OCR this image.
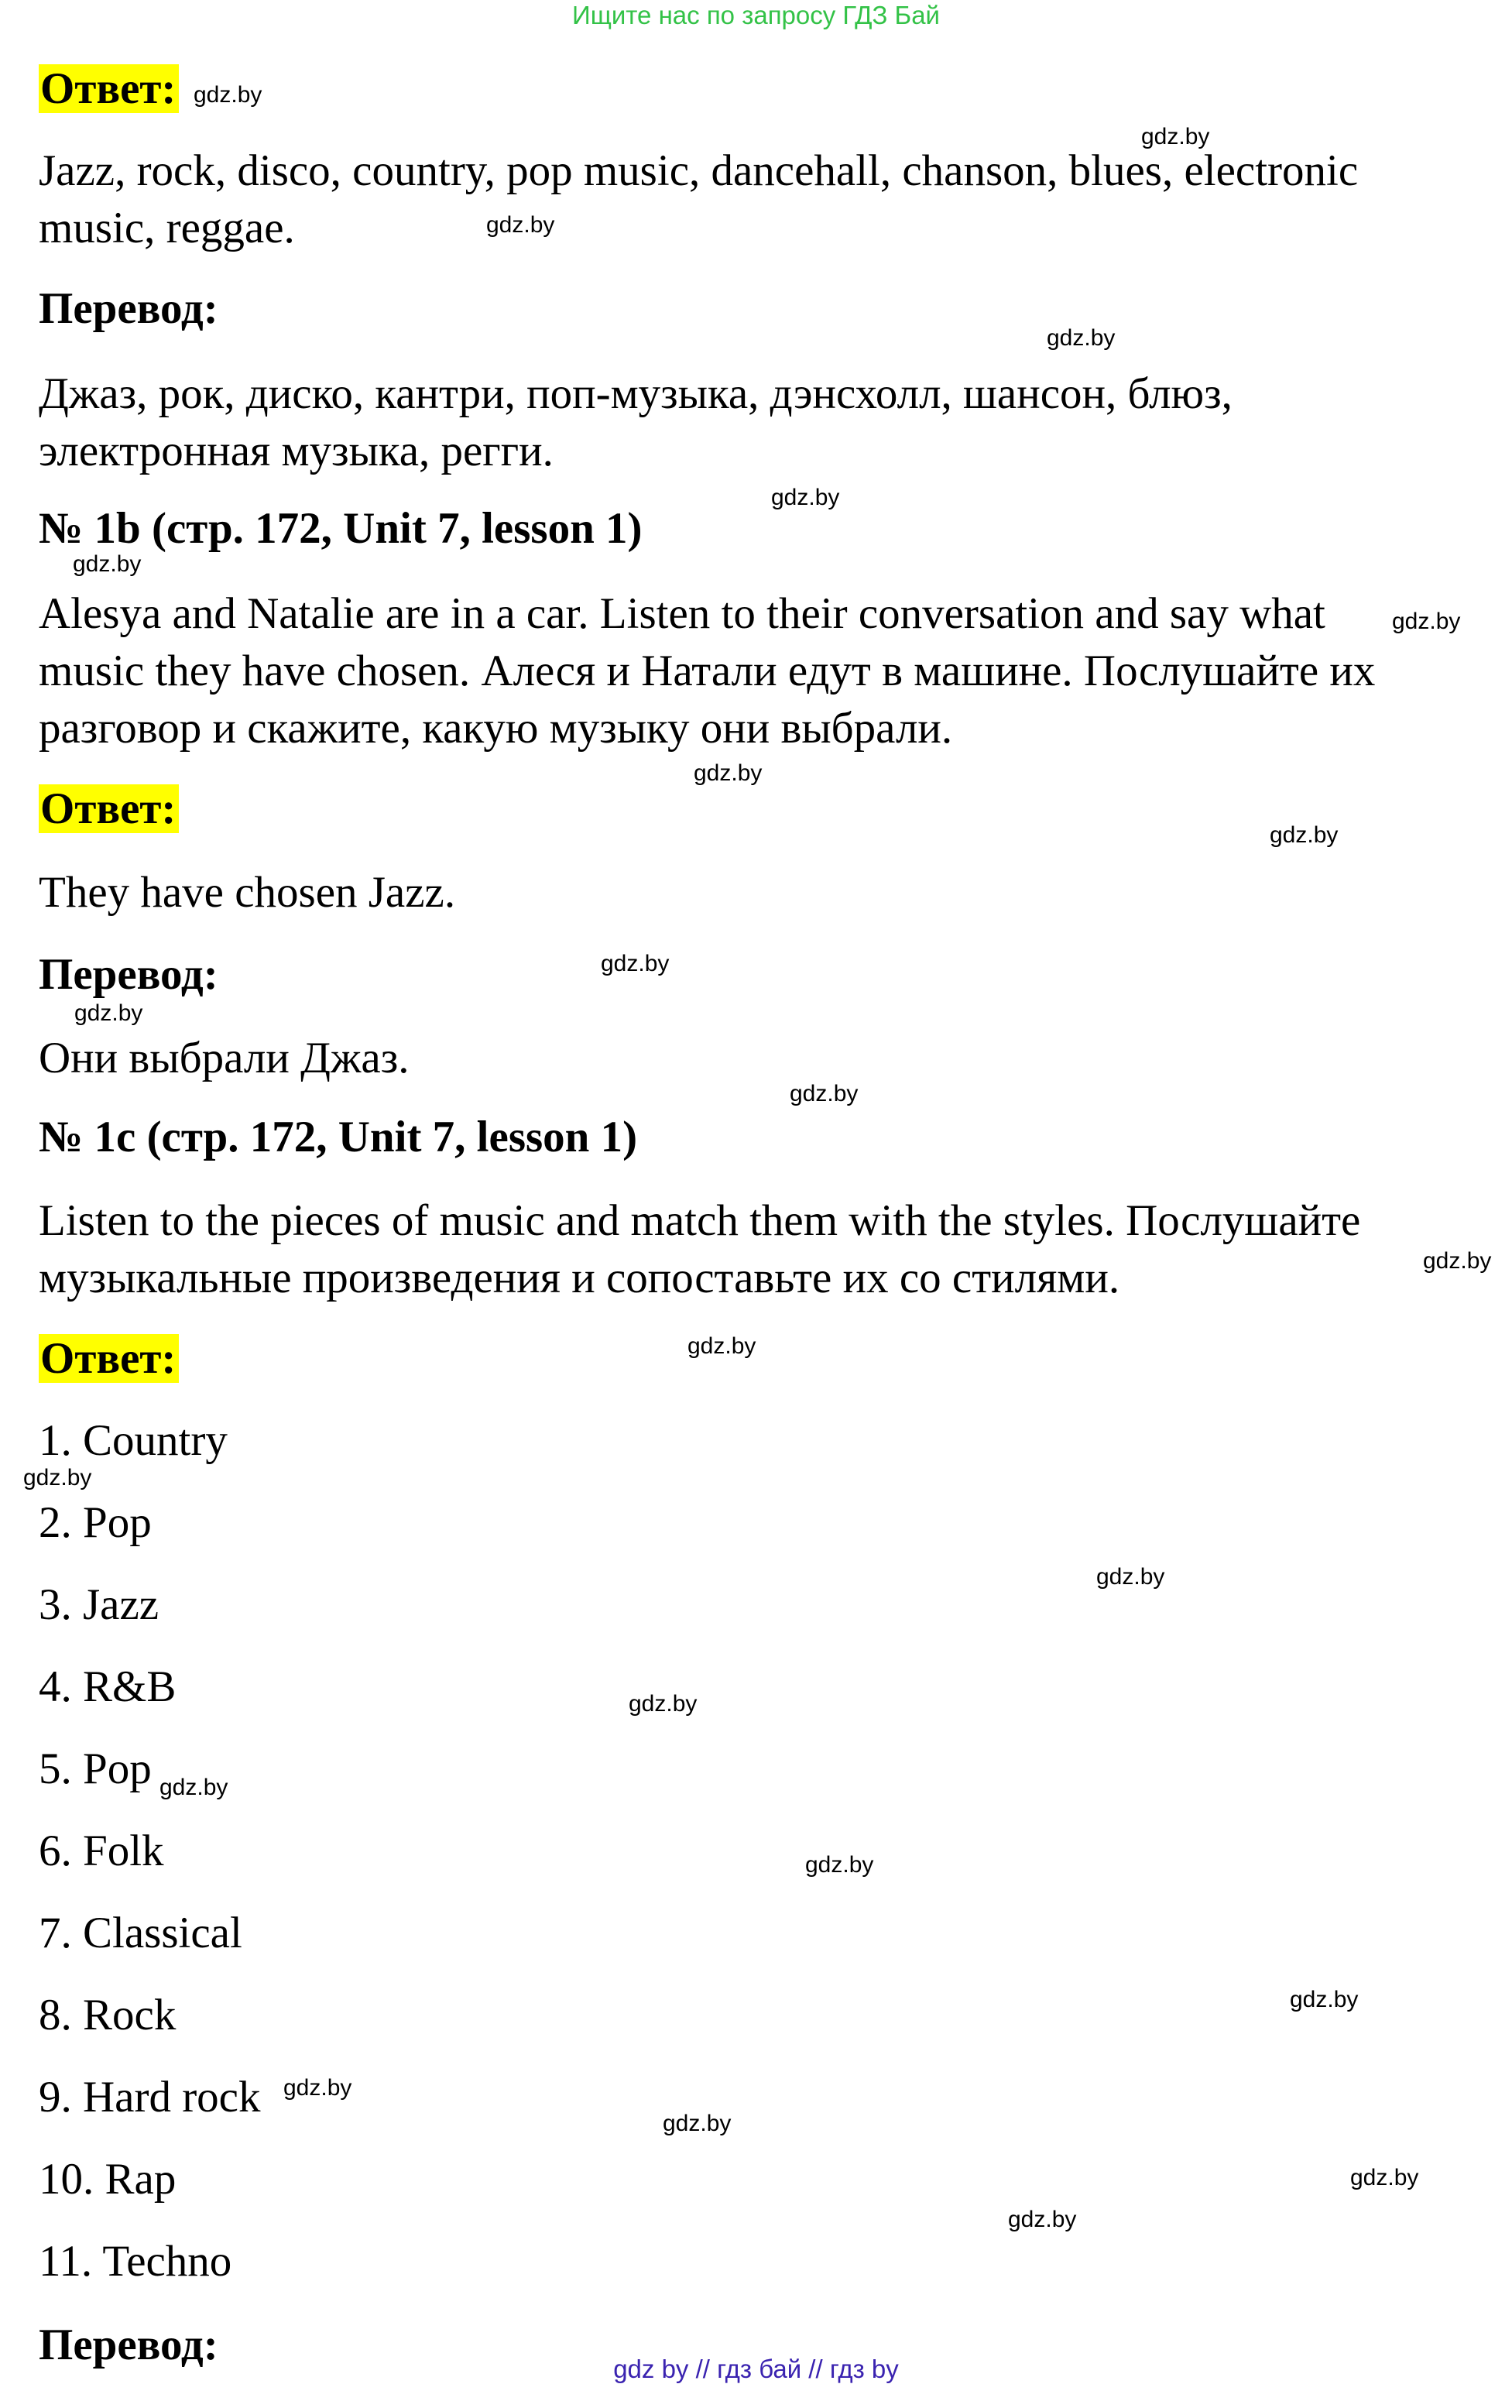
Ищите нас по запросу ГДЗ Бай
Ответ:
Jazz, rock, disco, country, pop music, dancehall, chanson, blues, electronic
music, reggae.
Перевод:
Джаз, рок, диско, кантри, поп-музыка, дэнсхолл, шансон, блюз,
электронная музыка, регги.
№ 1b (стр. 172, Unit 7, lesson 1)
Alesya and Natalie are in a car. Listen to their conversation and say what
music they have chosen. Алеся и Натали едут в машине. Послушайте их
разговор и скажите, какую музыку они выбрали.
Ответ:
They have chosen Jazz.
Перевод:
Они выбрали Джаз.
№ 1c (стр. 172, Unit 7, lesson 1)
Listen to the pieces of music and match them with the styles. Послушайте
музыкальные произведения и сопоставьте их со стилями.
Ответ:
1. Country
2. Pop
3. Jazz
4. R&B
5. Pop
6. Folk
7. Classical
8. Rock
9. Hard rock
10. Rap
11. Techno
Перевод:
gdz.by
gdz.by
gdz.by
gdz.by
gdz.by
gdz.by
gdz.by
gdz.by
gdz.by
gdz.by
gdz.by
gdz.by
gdz.by
gdz.by
gdz.by
gdz.by
gdz.by
gdz.by
gdz.by
gdz.by
gdz.by
gdz.by
gdz.by
gdz.by
gdz by // гдз бай // гдз by
